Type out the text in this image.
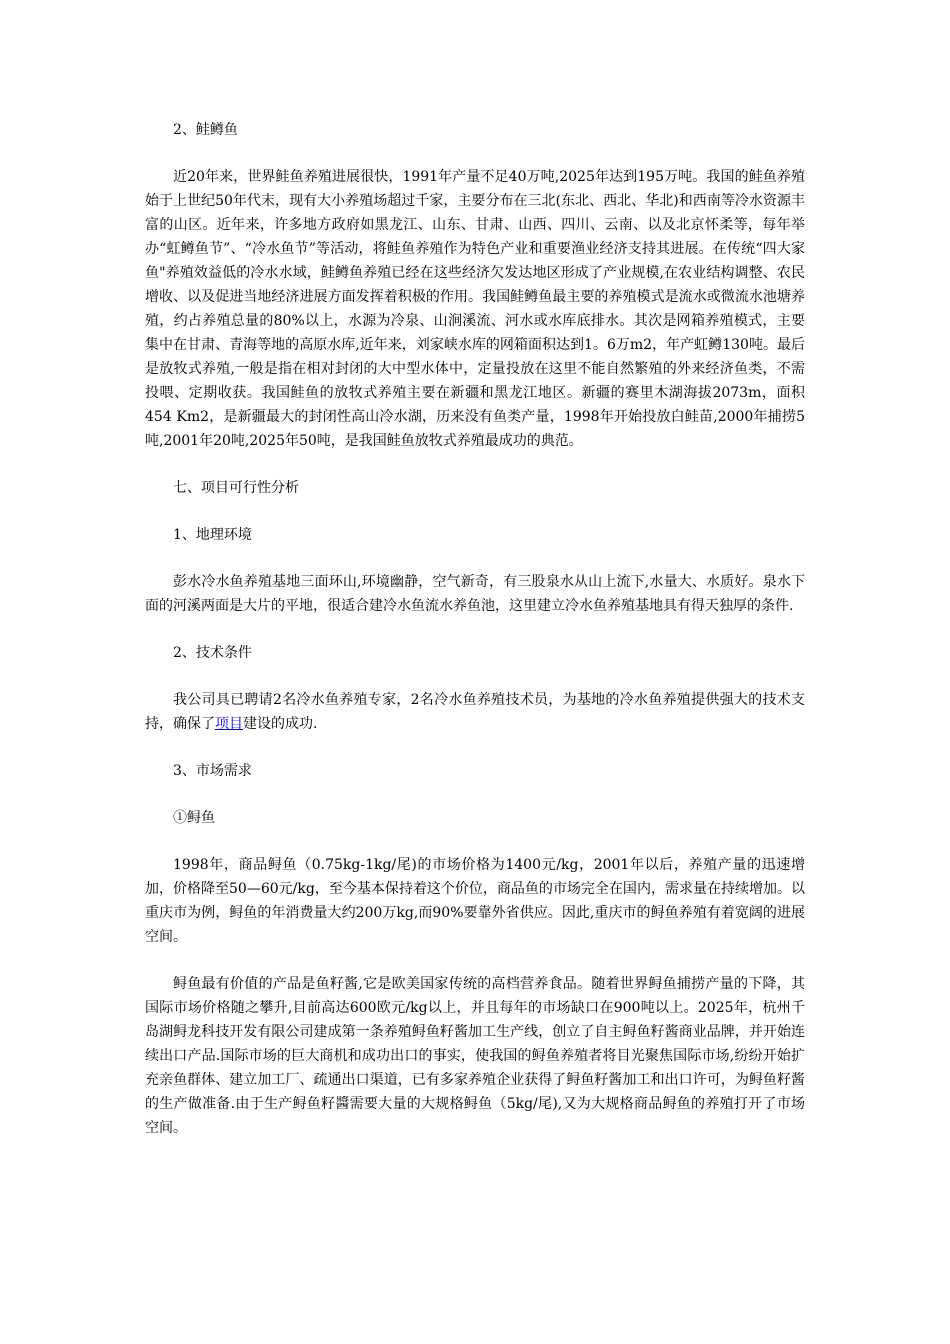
2、鲑鳟鱼

近20年来，世界鲑鱼养殖进展很快，1991年产量不足40万吨,2025年达到195万吨。我国的鲑鱼养殖始于上世纪50年代末，现有大小养殖场超过千家，主要分布在三北(东北、西北、华北)和西南等冷水资源丰富的山区。近年来，许多地方政府如黑龙江、山东、甘肃、山西、四川、云南、以及北京怀柔等，每年举办“虹鳟鱼节”、“冷水鱼节”等活动，将鲑鱼养殖作为特色产业和重要渔业经济支持其进展。在传统“四大家鱼"养殖效益低的冷水水域，鲑鳟鱼养殖已经在这些经济欠发达地区形成了产业规模,在农业结构调整、农民增收、以及促进当地经济进展方面发挥着积极的作用。我国鲑鳟鱼最主要的养殖模式是流水或微流水池塘养殖，约占养殖总量的80%以上，水源为冷泉、山涧溪流、河水或水库底排水。其次是网箱养殖模式，主要集中在甘肃、青海等地的高原水库,近年来，刘家峡水库的网箱面积达到1。6万m2，年产虹鳟130吨。最后是放牧式养殖,一般是指在相对封闭的大中型水体中，定量投放在这里不能自然繁殖的外来经济鱼类，不需投喂、定期收获。我国鲑鱼的放牧式养殖主要在新疆和黑龙江地区。新疆的赛里木湖海拔2073m，面积454 Km2，是新疆最大的封闭性高山冷水湖，历来没有鱼类产量，1998年开始投放白鲑苗,2000年捕捞5吨,2001年20吨,2025年50吨，是我国鲑鱼放牧式养殖最成功的典范。

七、项目可行性分析
1、地理环境

彭水冷水鱼养殖基地三面环山,环境幽静，空气新奇，有三股泉水从山上流下,水量大、水质好。泉水下面的河溪两面是大片的平地，很适合建冷水鱼流水养鱼池，这里建立冷水鱼养殖基地具有得天独厚的条件.

2、技术条件

我公司具已聘请2名冷水鱼养殖专家，2名冷水鱼养殖技术员，为基地的冷水鱼养殖提供强大的技术支持，确保了项目建设的成功.

3、市场需求
①鲟鱼

1998年，商品鲟鱼（0.75kg-1kg/尾)的市场价格为1400元/kg，2001年以后，养殖产量的迅速增加，价格降至50—60元/kg，至今基本保持着这个价位，商品鱼的市场完全在国内，需求量在持续增加。以重庆市为例，鲟鱼的年消费量大约200万kg,而90%要靠外省供应。因此,重庆市的鲟鱼养殖有着宽阔的进展空间。

鲟鱼最有价值的产品是鱼籽酱,它是欧美国家传统的高档营养食品。随着世界鲟鱼捕捞产量的下降，其国际市场价格随之攀升,目前高达600欧元/kg以上，并且每年的市场缺口在900吨以上。2025年，杭州千岛湖鲟龙科技开发有限公司建成第一条养殖鲟鱼籽酱加工生产线，创立了自主鲟鱼籽酱商业品牌，并开始连续出口产品.国际市场的巨大商机和成功出口的事实，使我国的鲟鱼养殖者将目光聚焦国际市场,纷纷开始扩充亲鱼群体、建立加工厂、疏通出口渠道，已有多家养殖企业获得了鲟鱼籽酱加工和出口许可，为鲟鱼籽酱的生产做准备.由于生产鲟鱼籽醬需要大量的大规格鲟鱼（5kg/尾),又为大规格商品鲟鱼的养殖打开了市场空间。
